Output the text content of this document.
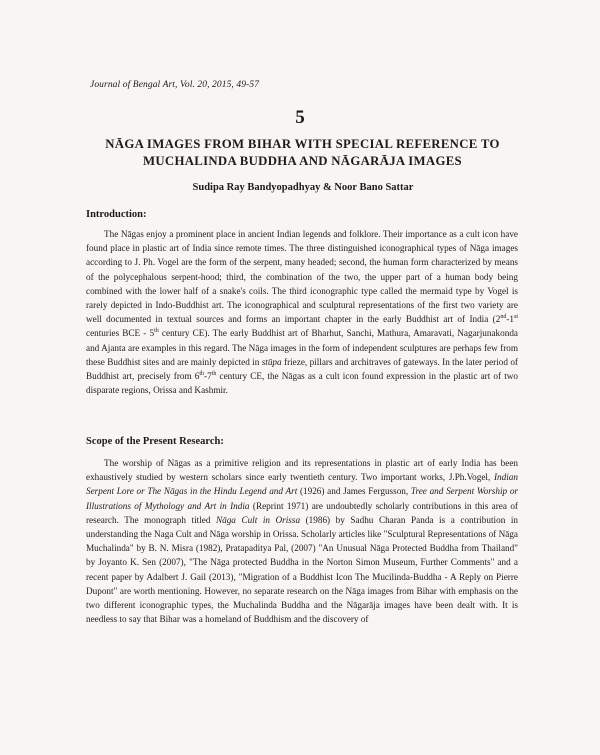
Journal of Bengal Art, Vol. 20, 2015, 49-57
5
NĀGA IMAGES FROM BIHAR WITH SPECIAL REFERENCE TO
MUCHALINDA BUDDHA AND NĀGARĀJA IMAGES
Sudipa Ray Bandyopadhyay & Noor Bano Sattar
Introduction:

The Nāgas enjoy a prominent place in ancient Indian legends and folklore. Their importance as a cult icon have found place in plastic art of India since remote times. The three distinguished iconographical types of Nāga images according to J. Ph. Vogel are the form of the serpent, many headed; second, the human form characterized by means of the polycephalous serpent-hood; third, the combination of the two, the upper part of a human body being combined with the lower half of a snake's coils. The third iconographic type called the mermaid type by Vogel is rarely depicted in Indo-Buddhist art. The iconographical and sculptural representations of the first two variety are well documented in textual sources and forms an important chapter in the early Buddhist art of India (2nd-1st centuries BCE - 5th century CE). The early Buddhist art of Bharhut, Sanchi, Mathura, Amaravati, Nagarjunakonda and Ajanta are examples in this regard. The Nāga images in the form of independent sculptures are perhaps few from these Buddhist sites and are mainly depicted in stūpa frieze, pillars and architraves of gateways. In the later period of Buddhist art, precisely from 6th-7th century CE, the Nāgas as a cult icon found expression in the plastic art of two disparate regions, Orissa and Kashmir.

Scope of the Present Research:

The worship of Nāgas as a primitive religion and its representations in plastic art of early India has been exhaustively studied by western scholars since early twentieth century. Two important works, J.Ph.Vogel, Indian Serpent Lore or The Nāgas in the Hindu Legend and Art (1926) and James Fergusson, Tree and Serpent Worship or Illustrations of Mythology and Art in India (Reprint 1971) are undoubtedly scholarly contributions in this area of research. The monograph titled Nāga Cult in Orissa (1986) by Sadhu Charan Panda is a contribution in understanding the Naga Cult and Nāga worship in Orissa. Scholarly articles like "Sculptural Representations of Nāga Muchalinda" by B. N. Misra (1982), Pratapaditya Pal, (2007) "An Unusual Nāga Protected Buddha from Thailand" by Joyanto K. Sen (2007), "The Nāga protected Buddha in the Norton Simon Museum, Further Comments" and a recent paper by Adalbert J. Gail (2013), "Migration of a Buddhist Icon The Mucilinda-Buddha - A Reply on Pierre Dupont" are worth mentioning. However, no separate research on the Nāga images from Bihar with emphasis on the two different iconographic types, the Muchalinda Buddha and the Nāgarāja images have been dealt with. It is needless to say that Bihar was a homeland of Buddhism and the discovery of
